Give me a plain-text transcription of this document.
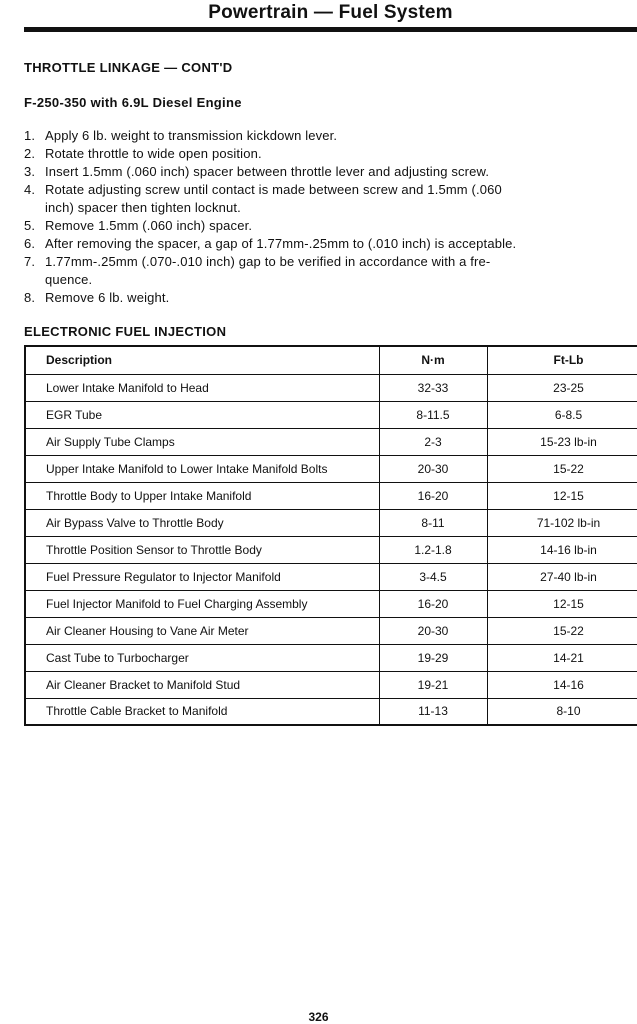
Powertrain — Fuel System
THROTTLE LINKAGE — CONT'D
F-250-350 with 6.9L Diesel Engine
1. Apply 6 lb. weight to transmission kickdown lever.
2. Rotate throttle to wide open position.
3. Insert 1.5mm (.060 inch) spacer between throttle lever and adjusting screw.
4. Rotate adjusting screw until contact is made between screw and 1.5mm (.060
inch) spacer then tighten locknut.
5. Remove 1.5mm (.060 inch) spacer.
6. After removing the spacer, a gap of 1.77mm-.25mm to (.010 inch) is acceptable.
7. 1.77mm-.25mm (.070-.010 inch) gap to be verified in accordance with a fre-
quence.
8. Remove 6 lb. weight.
ELECTRONIC FUEL INJECTION
Description	N·m	Ft-Lb
Lower Intake Manifold to Head	32-33	23-25
EGR Tube	8-11.5	6-8.5
Air Supply Tube Clamps	2-3	15-23 lb-in
Upper Intake Manifold to Lower Intake Manifold Bolts	20-30	15-22
Throttle Body to Upper Intake Manifold	16-20	12-15
Air Bypass Valve to Throttle Body	8-11	71-102 lb-in
Throttle Position Sensor to Throttle Body	1.2-1.8	14-16 lb-in
Fuel Pressure Regulator to Injector Manifold	3-4.5	27-40 lb-in
Fuel Injector Manifold to Fuel Charging Assembly	16-20	12-15
Air Cleaner Housing to Vane Air Meter	20-30	15-22
Cast Tube to Turbocharger	19-29	14-21
Air Cleaner Bracket to Manifold Stud	19-21	14-16
Throttle Cable Bracket to Manifold	11-13	8-10
326
